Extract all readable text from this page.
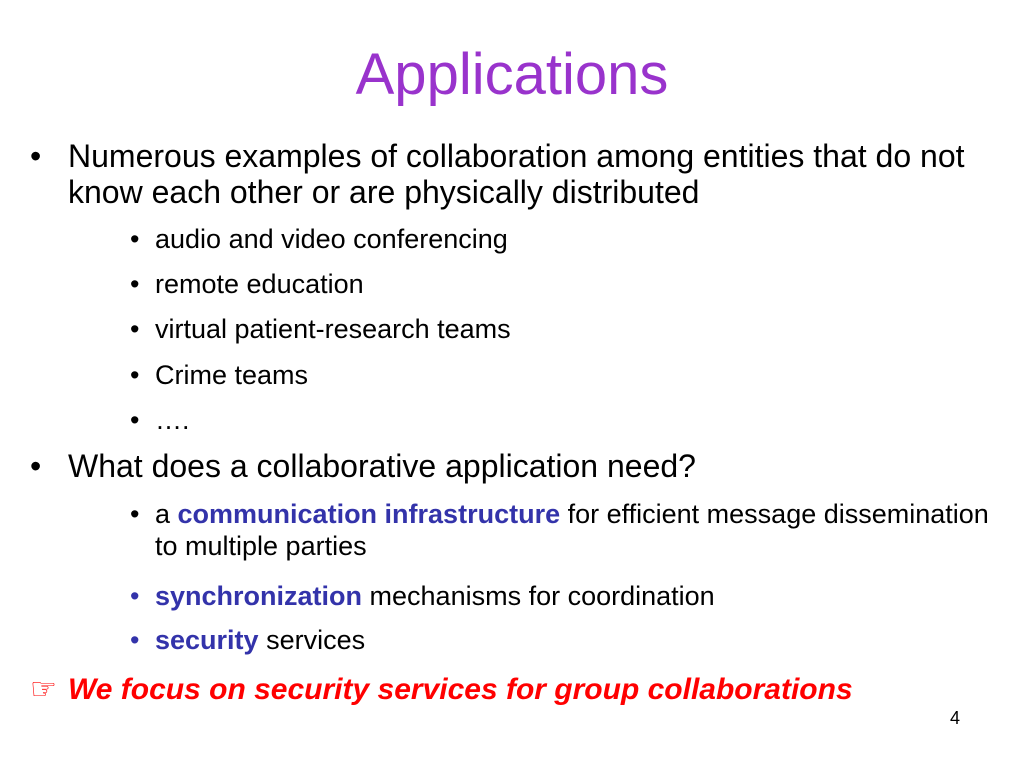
Applications
• Numerous examples of collaboration among entities that do not know each other or are physically distributed
• audio and video conferencing
• remote education
• virtual patient-research teams
• Crime teams
• ….
• What does a collaborative application need?
• a communication infrastructure for efficient message dissemination to multiple parties
• synchronization mechanisms for coordination
• security services
☞ We focus on security services for group collaborations
4
